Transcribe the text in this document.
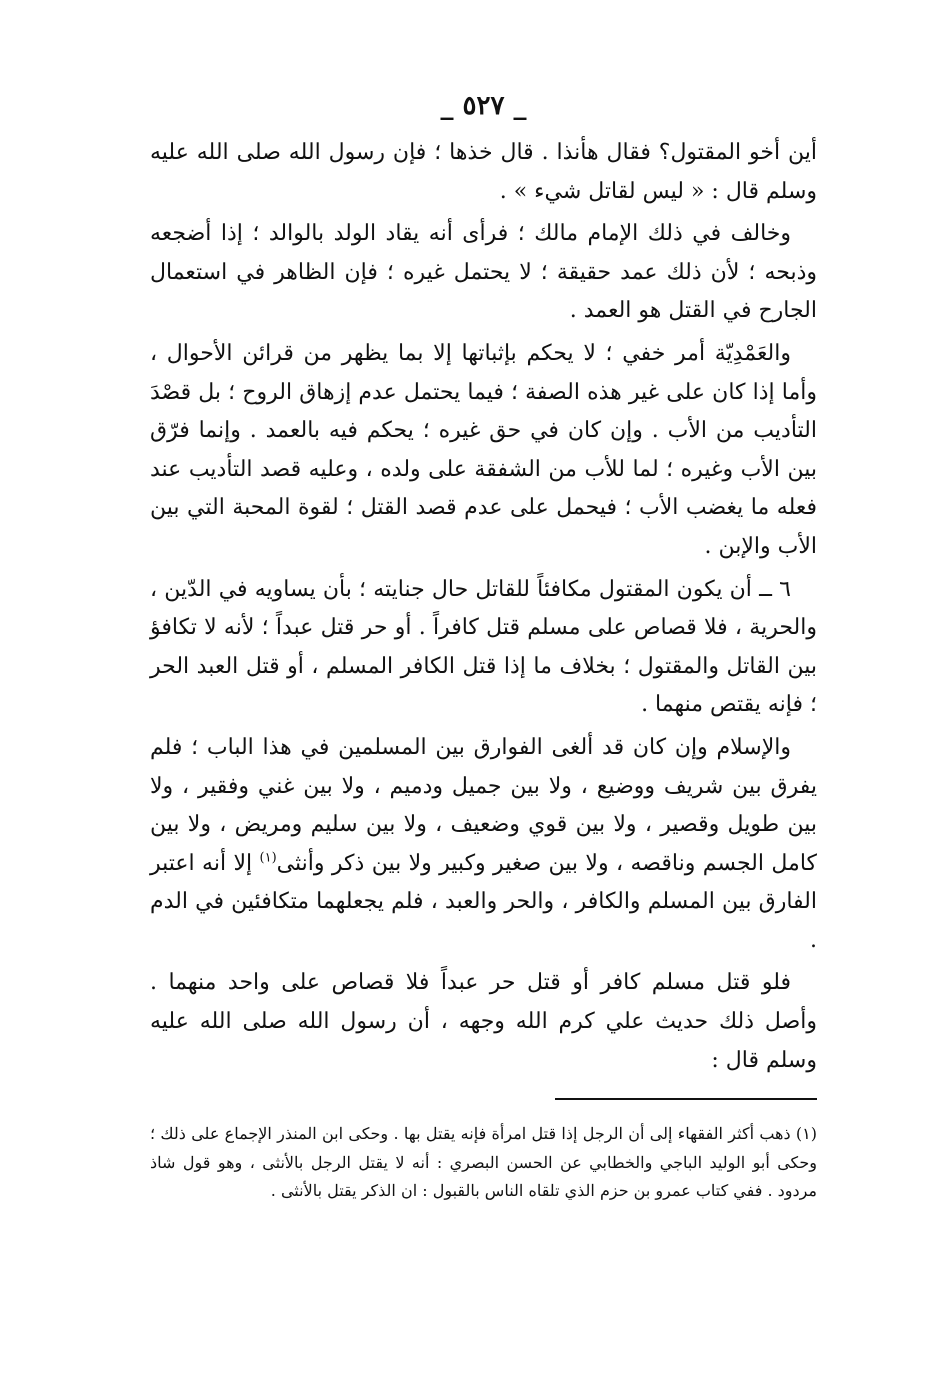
_ ٥٢٧ _

أين أخو المقتول؟ فقال هأنذا . قال خذها ؛ فإن رسول الله صلى الله عليه وسلم قال : « ليس لقاتل شيء » .

وخالف في ذلك الإمام مالك ؛ فرأى أنه يقاد الولد بالوالد ؛ إذا أضجعه وذبحه ؛ لأن ذلك عمد حقيقة ؛ لا يحتمل غيره ؛ فإن الظاهر في استعمال الجارح في القتل هو العمد .

والعَمْدِيّة أمر خفي ؛ لا يحكم بإثباتها إلا بما يظهر من قرائن الأحوال ، وأما إذا كان على غير هذه الصفة ؛ فيما يحتمل عدم إزهاق الروح ؛ بل قصْدَ التأديب من الأب . وإن كان في حق غيره ؛ يحكم فيه بالعمد . وإنما فرّق بين الأب وغيره ؛ لما للأب من الشفقة على ولده ، وعليه قصد التأديب عند فعله ما يغضب الأب ؛ فيحمل على عدم قصد القتل ؛ لقوة المحبة التي بين الأب والإبن .

٦ ــ أن يكون المقتول مكافئاً للقاتل حال جنايته ؛ بأن يساويه في الدّين ، والحرية ، فلا قصاص على مسلم قتل كافراً . أو حر قتل عبداً ؛ لأنه لا تكافؤ بين القاتل والمقتول ؛ بخلاف ما إذا قتل الكافر المسلم ، أو قتل العبد الحر ؛ فإنه يقتص منهما .

والإسلام وإن كان قد ألغى الفوارق بين المسلمين في هذا الباب ؛ فلم يفرق بين شريف ووضيع ، ولا بين جميل ودميم ، ولا بين غني وفقير ، ولا بين طويل وقصير ، ولا بين قوي وضعيف ، ولا بين سليم ومريض ، ولا بين كامل الجسم وناقصه ، ولا بين صغير وكبير ولا بين ذكر وأنثى$^{(١)}$ إلا أنه اعتبر الفارق بين المسلم والكافر ، والحر والعبد ، فلم يجعلهما متكافئين في الدم .

فلو قتل مسلم كافر أو قتل حر عبداً فلا قصاص على واحد منهما . وأصل ذلك حديث علي كرم الله وجهه ، أن رسول الله صلى الله عليه وسلم قال :

(١) ذهب أكثر الفقهاء إلى أن الرجل إذا قتل امرأة فإنه يقتل بها . وحكى ابن المنذر الإجماع على ذلك ؛ وحكى أبو الوليد الباجي والخطابي عن الحسن البصري : أنه لا يقتل الرجل بالأنثى ، وهو قول شاذ مردود . ففي كتاب عمرو بن حزم الذي تلقاه الناس بالقبول : ان الذكر يقتل بالأنثى .
